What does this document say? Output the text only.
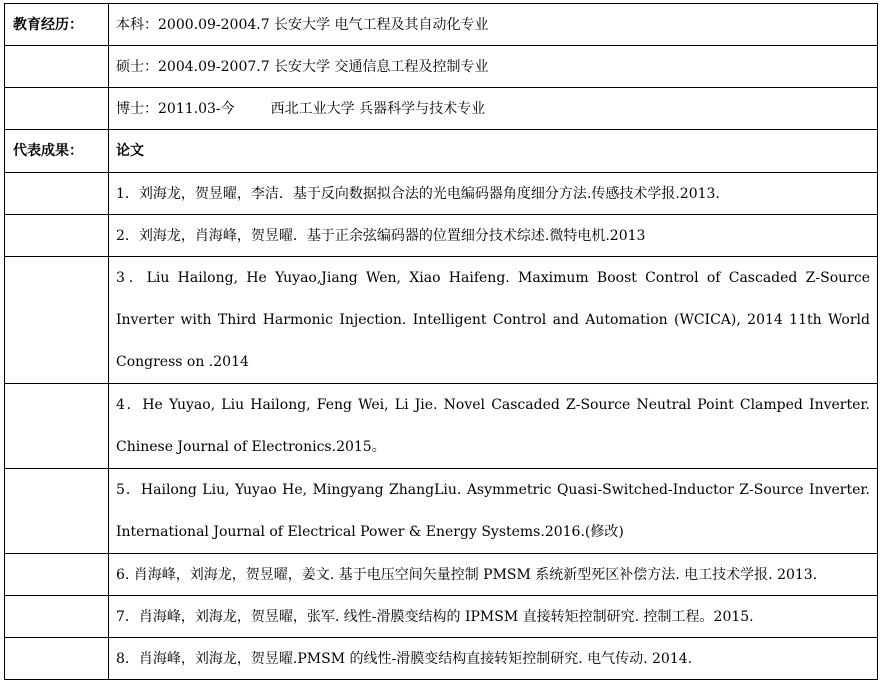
教育经历：	本科：2000.09-2004.7 长安大学 电气工程及其自动化专业
	硕士：2004.09-2007.7 长安大学 交通信息工程及控制专业
	博士：2011.03-今 西北工业大学 兵器科学与技术专业
代表成果：	论文
	1．刘海龙，贺昱曜，李洁．基于反向数据拟合法的光电编码器角度细分方法.传感技术学报.2013.
	2．刘海龙，肖海峰，贺昱曜．基于正余弦编码器的位置细分技术综述.微特电机.2013

	3．Liu Hailong, He Yuyao,Jiang Wen, Xiao Haifeng. Maximum Boost Control of Cascaded Z-Source Inverter with Third Harmonic Injection. Intelligent Control and Automation (WCICA), 2014 11th World Congress on .2014

	4．He Yuyao, Liu Hailong, Feng Wei, Li Jie. Novel Cascaded Z-Source Neutral Point Clamped Inverter. Chinese Journal of Electronics.2015。

	5．Hailong Liu, Yuyao He, Mingyang ZhangLiu. Asymmetric Quasi-Switched-Inductor Z-Source Inverter. International Journal of Electrical Power & Energy Systems.2016.(修改)

	6. 肖海峰，刘海龙，贺昱曜，姜文. 基于电压空间矢量控制 PMSM 系统新型死区补偿方法. 电工技术学报. 2013.
	7．肖海峰，刘海龙，贺昱曜，张军. 线性-滑膜变结构的 IPMSM 直接转矩控制研究. 控制工程。2015.
	8．肖海峰，刘海龙，贺昱曜.PMSM 的线性-滑膜变结构直接转矩控制研究. 电气传动. 2014.
